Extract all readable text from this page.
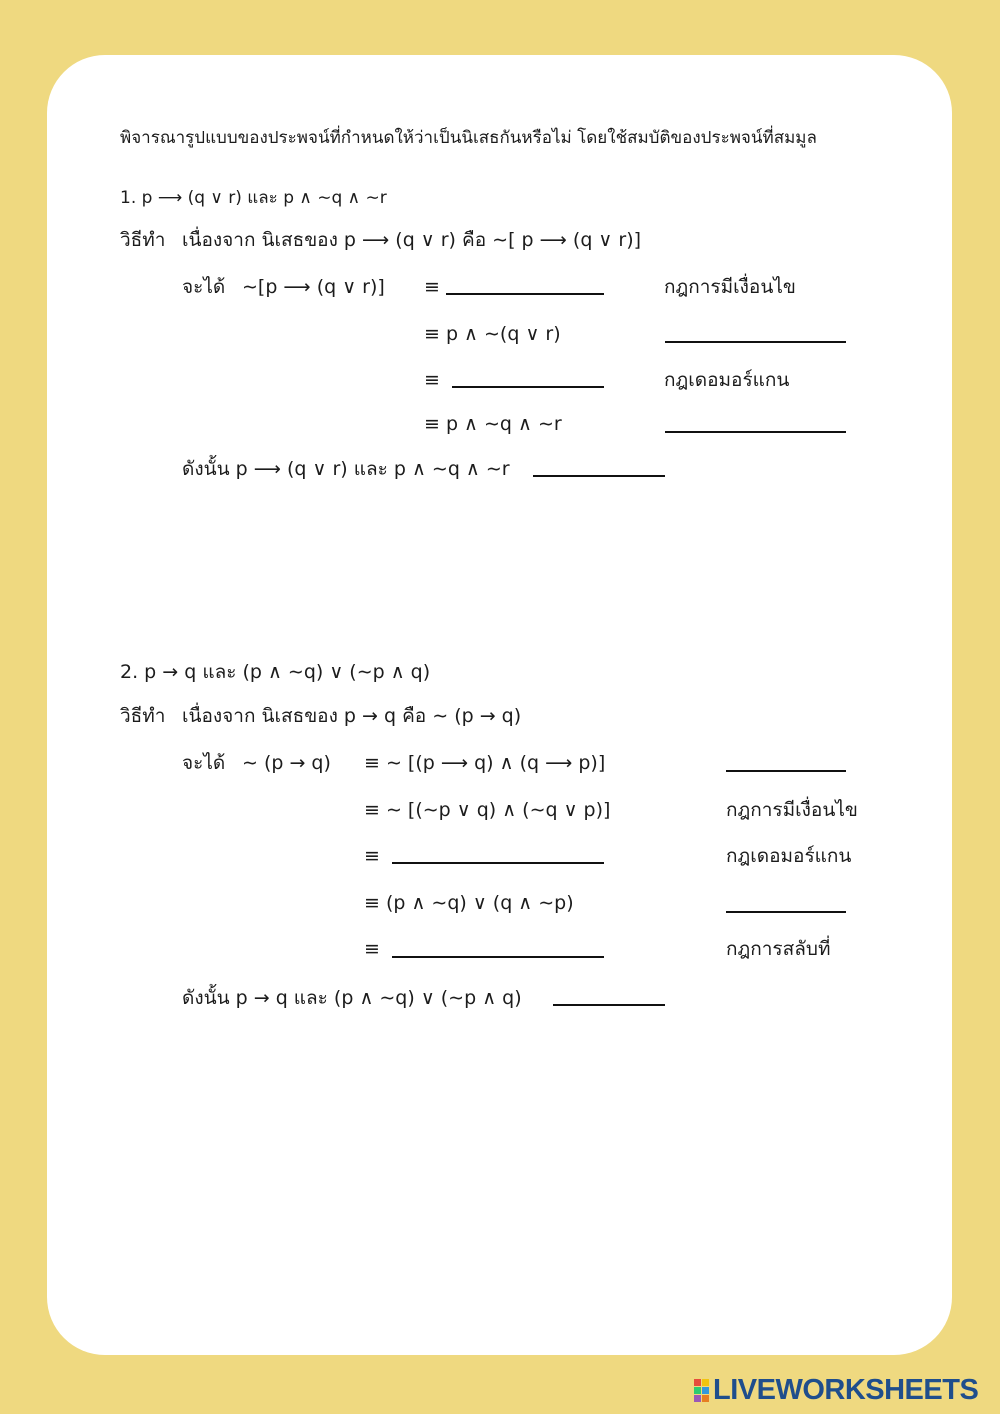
พิจารณารูปแบบของประพจน์ที่กำหนดให้ว่าเป็นนิเสธกันหรือไม่ โดยใช้สมบัติของประพจน์ที่สมมูล
1. p ⟶ (q ∨ r) และ p ∧ ∼q ∧ ∼r
วิธีทำ เนื่องจาก นิเสธของ p ⟶ (q ∨ r) คือ ∼[ p ⟶ (q ∨ r)]
จะได้ ∼[p ⟶ (q ∨ r)] ≡	กฎการมีเงื่อนไข
≡ p ∧ ∼(q ∨ r)
≡	กฎเดอมอร์แกน
≡ p ∧ ∼q ∧ ∼r
ดังนั้น p ⟶ (q ∨ r) และ p ∧ ∼q ∧ ∼r
2. p → q และ (p ∧ ∼q) ∨ (∼p ∧ q)
วิธีทำ เนื่องจาก นิเสธของ p → q คือ ∼ (p → q)
จะได้ ∼ (p → q) ≡ ∼ [(p ⟶ q) ∧ (q ⟶ p)]
≡ ∼ [(∼p ∨ q) ∧ (∼q ∨ p)]	กฎการมีเงื่อนไข
≡	กฎเดอมอร์แกน
≡ (p ∧ ∼q) ∨ (q ∧ ∼p)
≡	กฎการสลับที่
ดังนั้น p → q และ (p ∧ ∼q) ∨ (∼p ∧ q)
LIVEWORKSHEETS
